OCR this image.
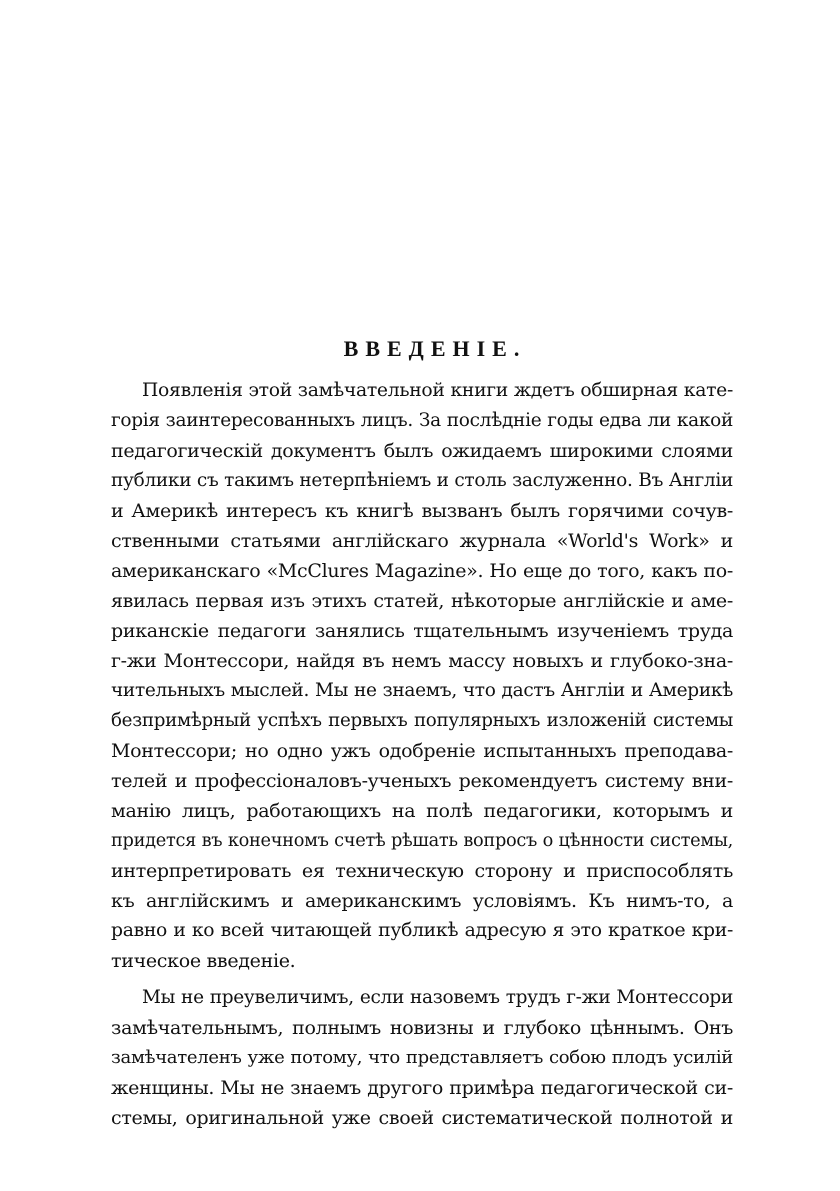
ВВЕДЕНІЕ.
Появленія этой замѣчательной книги ждетъ обширная кате-
горія заинтересованныхъ лицъ. За послѣдніе годы едва ли какой
педагогическій документъ былъ ожидаемъ широкими слоями
публики съ такимъ нетерпѣніемъ и столь заслуженно. Въ Англіи
и Америкѣ интересъ къ книгѣ вызванъ былъ горячими сочув-
ственными статьями англійскаго журнала «World's Work» и
американскаго «McClures Magazine». Но еще до того, какъ по-
явилась первая изъ этихъ статей, нѣкоторые англійскіе и аме-
риканскіе педагоги занялись тщательнымъ изученіемъ труда
г-жи Монтессори, найдя въ немъ массу новыхъ и глубоко-зна-
чительныхъ мыслей. Мы не знаемъ, что дастъ Англіи и Америкѣ
безпримѣрный успѣхъ первыхъ популярныхъ изложеній системы
Монтессори; но одно ужъ одобреніе испытанныхъ преподава-
телей и профессіоналовъ-ученыхъ рекомендуетъ систему вни-
манію лицъ, работающихъ на полѣ педагогики, которымъ и
придется въ конечномъ счетѣ рѣшать вопросъ о цѣнности системы,
интерпретировать ея техническую сторону и приспособлять
къ англійскимъ и американскимъ условіямъ. Къ нимъ-то, а
равно и ко всей читающей публикѣ адресую я это краткое кри-
тическое введеніе.
Мы не преувеличимъ, если назовемъ трудъ г-жи Монтессори
замѣчательнымъ, полнымъ новизны и глубоко цѣннымъ. Онъ
замѣчателенъ уже потому, что представляетъ собою плодъ усилій
женщины. Мы не знаемъ другого примѣра педагогической си-
стемы, оригинальной уже своей систематической полнотой и
